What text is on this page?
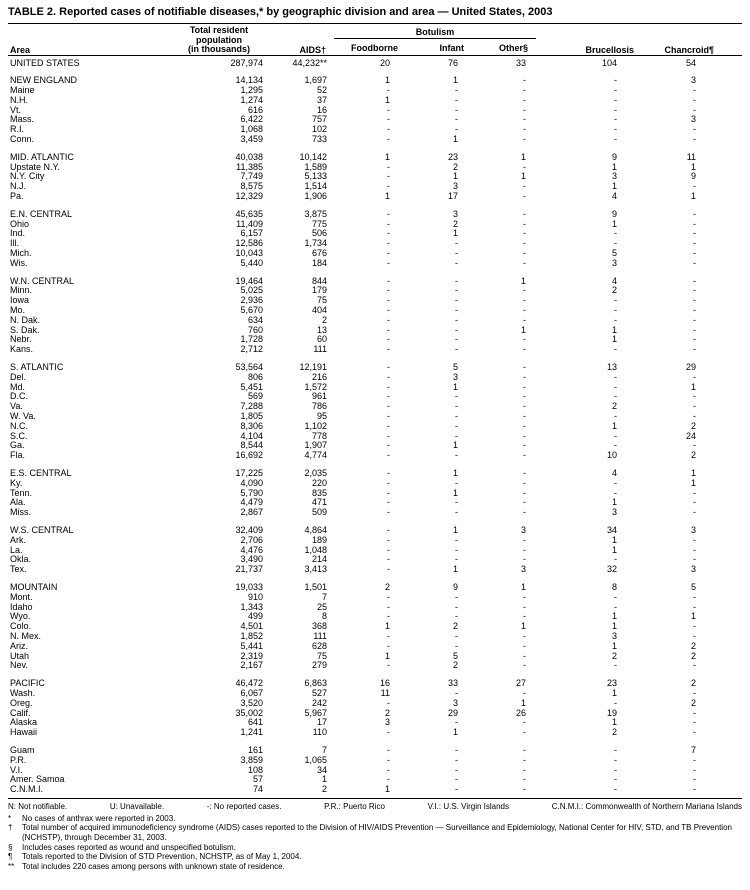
TABLE 2. Reported cases of notifiable diseases,* by geographic division and area — United States, 2003
Area	Total resident
population
(in thousands)	AIDS†	Botulism			Brucellosis	Chancroid¶
			Foodborne	Infant	Other§		
UNITED STATES	287,974	44,232**	20	76	33	104	54

NEW ENGLAND	14,134	1,697	1	1	-	-	3
Maine	1,295	52	-	-	-	-	-
N.H.	1,274	37	1	-	-	-	-
Vt.	616	16	-	-	-	-	-
Mass.	6,422	757	-	-	-	-	3
R.I.	1,068	102	-	-	-	-	-
Conn.	3,459	733	-	1	-	-	-

MID. ATLANTIC	40,038	10,142	1	23	1	9	11
Upstate N.Y.	11,385	1,589	-	2	-	1	1
N.Y. City	7,749	5,133	-	1	1	3	9
N.J.	8,575	1,514	-	3	-	1	-
Pa.	12,329	1,906	1	17	-	4	1

E.N. CENTRAL	45,635	3,875	-	3	-	9	-
Ohio	11,409	775	-	2	-	1	-
Ind.	6,157	506	-	1	-	-	-
Ill.	12,586	1,734	-	-	-	-	-
Mich.	10,043	676	-	-	-	5	-
Wis.	5,440	184	-	-	-	3	-

W.N. CENTRAL	19,464	844	-	-	1	4	-
Minn.	5,025	179	-	-	-	2	-
Iowa	2,936	75	-	-	-	-	-
Mo.	5,670	404	-	-	-	-	-
N. Dak.	634	2	-	-	-	-	-
S. Dak.	760	13	-	-	1	1	-
Nebr.	1,728	60	-	-	-	1	-
Kans.	2,712	111	-	-	-	-	-

S. ATLANTIC	53,564	12,191	-	5	-	13	29
Del.	806	216	-	3	-	-	-
Md.	5,451	1,572	-	1	-	-	1
D.C.	569	961	-	-	-	-	-
Va.	7,288	786	-	-	-	2	-
W. Va.	1,805	95	-	-	-	-	-
N.C.	8,306	1,102	-	-	-	1	2
S.C.	4,104	778	-	-	-	-	24
Ga.	8,544	1,907	-	1	-	-	-
Fla.	16,692	4,774	-	-	-	10	2

E.S. CENTRAL	17,225	2,035	-	1	-	4	1
Ky.	4,090	220	-	-	-	-	1
Tenn.	5,790	835	-	1	-	-	-
Ala.	4,479	471	-	-	-	1	-
Miss.	2,867	509	-	-	-	3	-

W.S. CENTRAL	32,409	4,864	-	1	3	34	3
Ark.	2,706	189	-	-	-	1	-
La.	4,476	1,048	-	-	-	1	-
Okla.	3,490	214	-	-	-	-	-
Tex.	21,737	3,413	-	1	3	32	3

MOUNTAIN	19,033	1,501	2	9	1	8	5
Mont.	910	7	-	-	-	-	-
Idaho	1,343	25	-	-	-	-	-
Wyo.	499	8	-	-	-	1	1
Colo.	4,501	368	1	2	1	1	-
N. Mex.	1,852	111	-	-	-	3	-
Ariz.	5,441	628	-	-	-	1	2
Utah	2,319	75	1	5	-	2	2
Nev.	2,167	279	-	2	-	-	-

PACIFIC	46,472	6,863	16	33	27	23	2
Wash.	6,067	527	11	-	-	1	-
Oreg.	3,520	242	-	3	1	-	2
Calif.	35,002	5,967	2	29	26	19	-
Alaska	641	17	3	-	-	1	-
Hawaii	1,241	110	-	1	-	2	-

Guam	161	7	-	-	-	-	7
P.R.	3,859	1,065	-	-	-	-	-
V.I.	108	34	-	-	-	-	-
Amer. Samoa	57	1	-	-	-	-	-
C.N.M.I.	74	2	1	-	-	-	-
N: Not notifiable.	U: Unavailable.	-: No reported cases.	P.R.: Puerto Rico	V.I.: U.S. Virgin Islands	C.N.M.I.: Commonwealth of Northern Mariana Islands
* No cases of anthrax were reported in 2003.
† Total number of acquired immunodeficiency syndrome (AIDS) cases reported to the Division of HIV/AIDS Prevention — Surveillance and Epidemiology, National Center for HIV, STD, and TB Prevention (NCHSTP), through December 31, 2003.
§ Includes cases reported as wound and unspecified botulism.
¶ Totals reported to the Division of STD Prevention, NCHSTP, as of May 1, 2004.
** Total includes 220 cases among persons with unknown state of residence.
